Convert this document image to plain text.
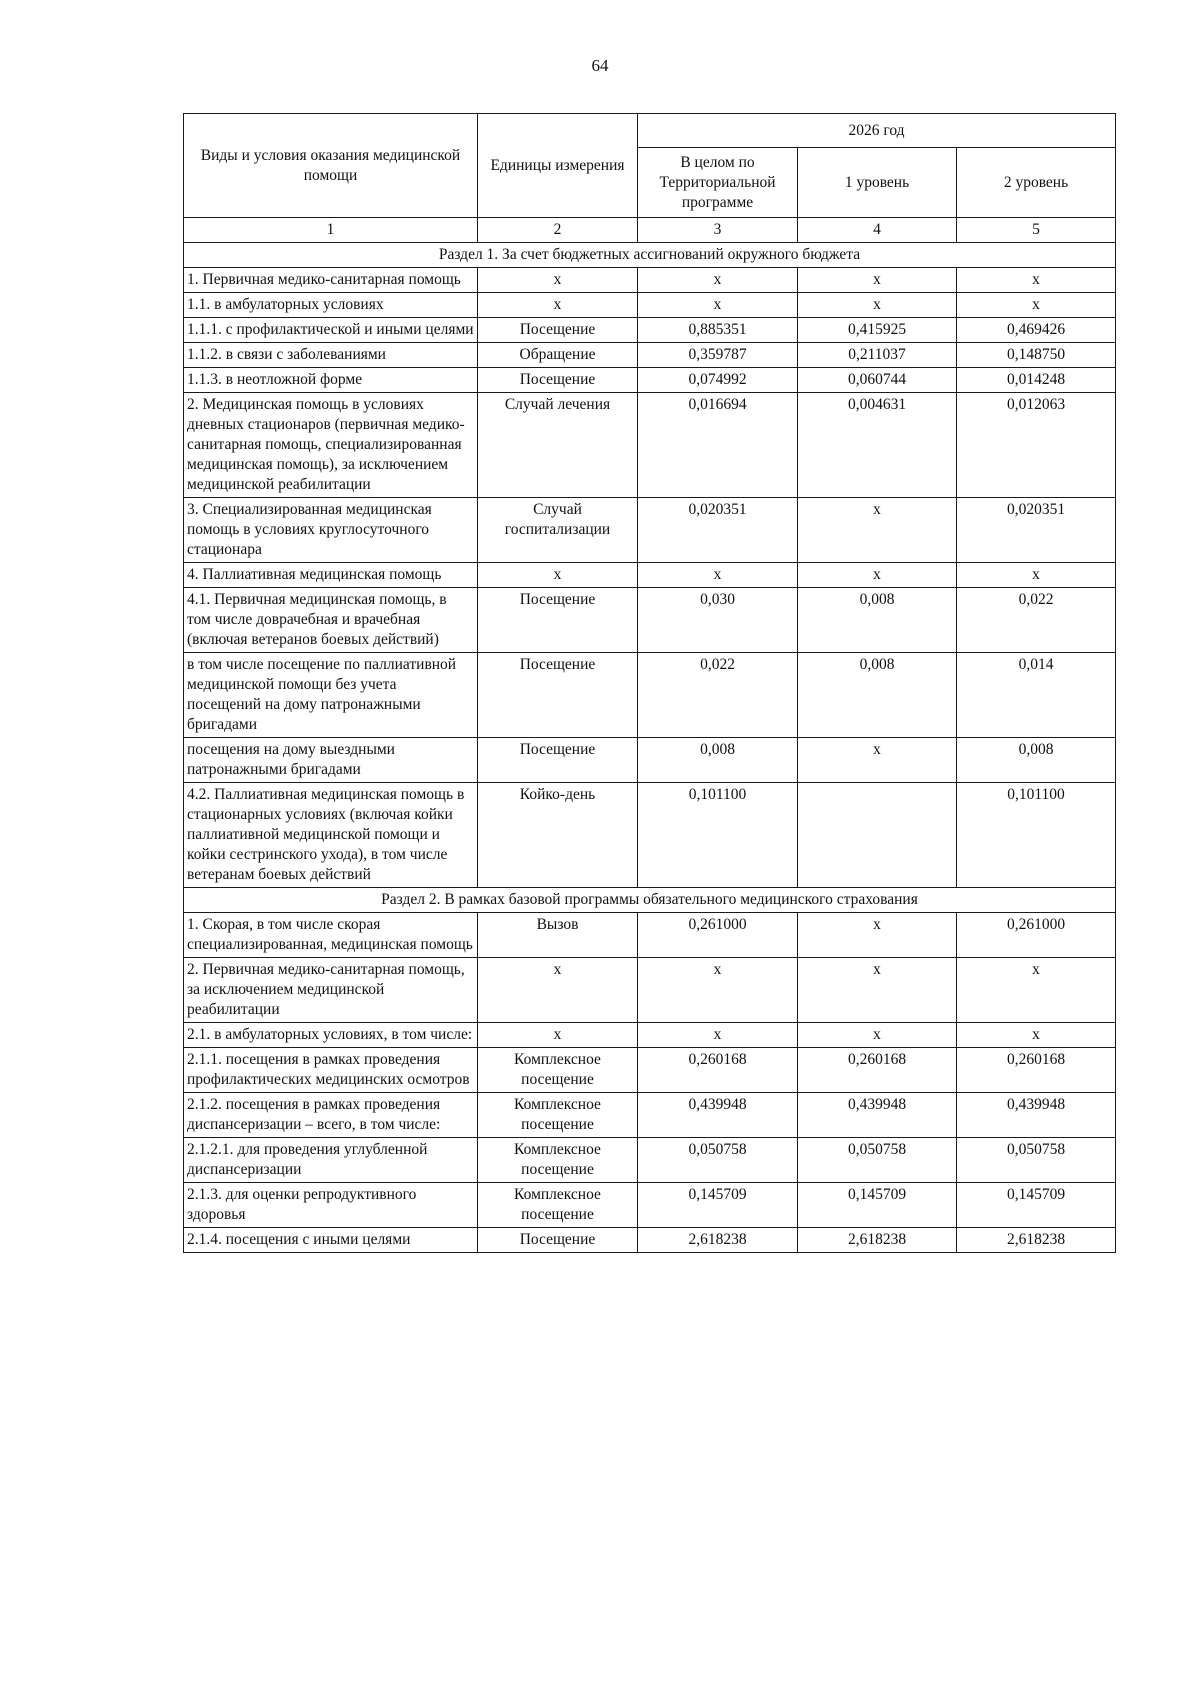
64
Виды и условия оказания медицинской помощи	Единицы измерения	2026 год		
		В целом по Территориальной программе	1 уровень	2 уровень
1	2	3	4	5
Раздел 1. За счет бюджетных ассигнований окружного бюджета				
1. Первичная медико-санитарная помощь	х	х	х	х
1.1. в амбулаторных условиях	х	х	х	х
1.1.1. с профилактической и иными целями	Посещение	0,885351	0,415925	0,469426
1.1.2. в связи с заболеваниями	Обращение	0,359787	0,211037	0,148750
1.1.3. в неотложной форме	Посещение	0,074992	0,060744	0,014248
2. Медицинская помощь в условиях дневных стационаров (первичная медико-санитарная помощь, специализированная медицинская помощь), за исключением медицинской реабилитации	Случай лечения	0,016694	0,004631	0,012063
3. Специализированная медицинская помощь в условиях круглосуточного стационара	Случай госпитализации	0,020351	х	0,020351
4. Паллиативная медицинская помощь	х	х	х	х
4.1. Первичная медицинская помощь, в том числе доврачебная и врачебная (включая ветеранов боевых действий)	Посещение	0,030	0,008	0,022
в том числе посещение по паллиативной медицинской помощи без учета посещений на дому патронажными бригадами	Посещение	0,022	0,008	0,014
посещения на дому выездными патронажными бригадами	Посещение	0,008	х	0,008
4.2. Паллиативная медицинская помощь в стационарных условиях (включая койки паллиативной медицинской помощи и койки сестринского ухода), в том числе ветеранам боевых действий	Койко-день	0,101100		0,101100
Раздел 2. В рамках базовой программы обязательного медицинского страхования				
1. Скорая, в том числе скорая специализированная, медицинская помощь	Вызов	0,261000	х	0,261000
2. Первичная медико-санитарная помощь, за исключением медицинской реабилитации	х	х	х	х
2.1. в амбулаторных условиях, в том числе:	х	х	х	х
2.1.1. посещения в рамках проведения профилактических медицинских осмотров	Комплексное посещение	0,260168	0,260168	0,260168
2.1.2. посещения в рамках проведения диспансеризации – всего, в том числе:	Комплексное посещение	0,439948	0,439948	0,439948
2.1.2.1. для проведения углубленной диспансеризации	Комплексное посещение	0,050758	0,050758	0,050758
2.1.3. для оценки репродуктивного здоровья	Комплексное посещение	0,145709	0,145709	0,145709
2.1.4. посещения с иными целями	Посещение	2,618238	2,618238	2,618238
